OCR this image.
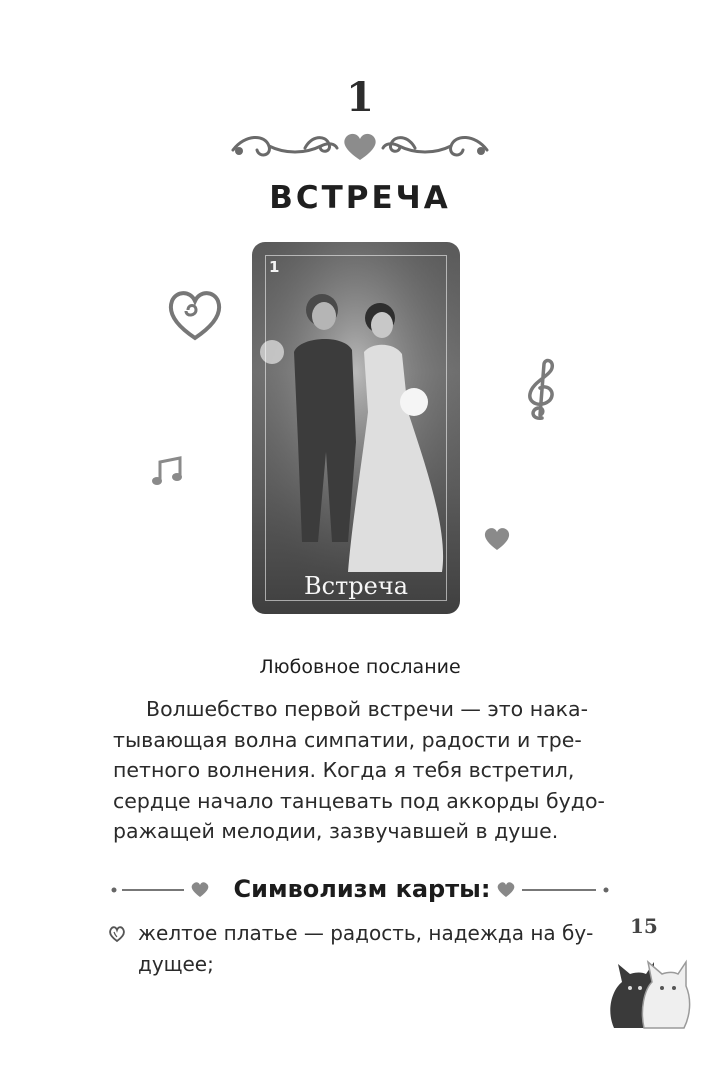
1
ВСТРЕЧА
1
Встреча
Любовное послание
Волшебство первой встречи — это нака-
тывающая волна симпатии, радости и тре-
петного волнения. Когда я тебя встретил,
сердце начало танцевать под аккорды будо-
ражащей мелодии, зазвучавшей в душе.
Символизм карты:
желтое платье — радость, надежда на бу-
дущее;
15
